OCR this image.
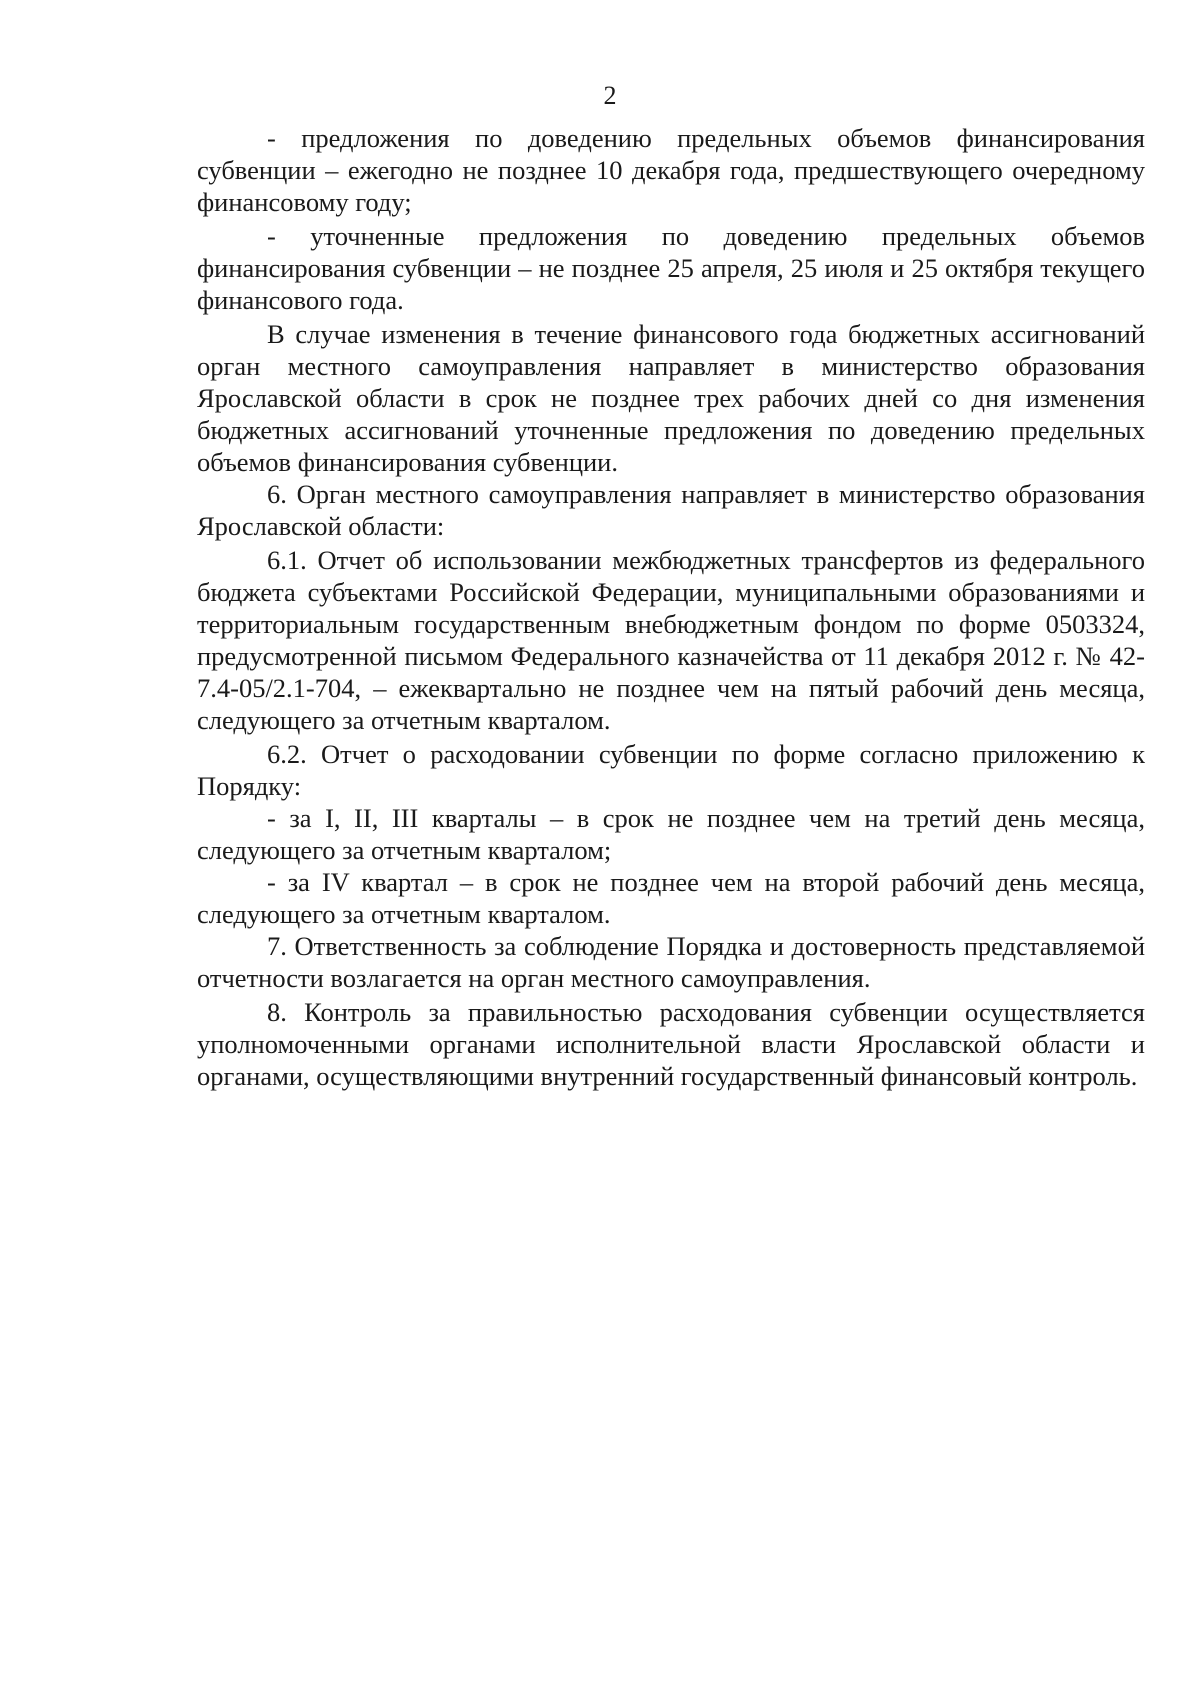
2

- предложения по доведению предельных объемов финансирования субвенции – ежегодно не позднее 10 декабря года, предшествующего очередному финансовому году;

- уточненные предложения по доведению предельных объемов финансирования субвенции – не позднее 25 апреля, 25 июля и 25 октября текущего финансового года.

В случае изменения в течение финансового года бюджетных ассигнований орган местного самоуправления направляет в министерство образования Ярославской области в срок не позднее трех рабочих дней со дня изменения бюджетных ассигнований уточненные предложения по доведению предельных объемов финансирования субвенции.

6. Орган местного самоуправления направляет в министерство образования Ярославской области:

6.1. Отчет об использовании межбюджетных трансфертов из федерального бюджета субъектами Российской Федерации, муниципальными образованиями и территориальным государственным внебюджетным фондом по форме 0503324, предусмотренной письмом Федерального казначейства от 11 декабря 2012 г. № 42-7.4-05/2.1-704, – ежеквартально не позднее чем на пятый рабочий день месяца, следующего за отчетным кварталом.

6.2. Отчет о расходовании субвенции по форме согласно приложению к Порядку:

- за I, II, III кварталы – в срок не позднее чем на третий день месяца, следующего за отчетным кварталом;

- за IV квартал – в срок не позднее чем на второй рабочий день месяца, следующего за отчетным кварталом.

7. Ответственность за соблюдение Порядка и достоверность представляемой отчетности возлагается на орган местного самоуправления.

8. Контроль за правильностью расходования субвенции осуществляется уполномоченными органами исполнительной власти Ярославской области и органами, осуществляющими внутренний государственный финансовый контроль.
